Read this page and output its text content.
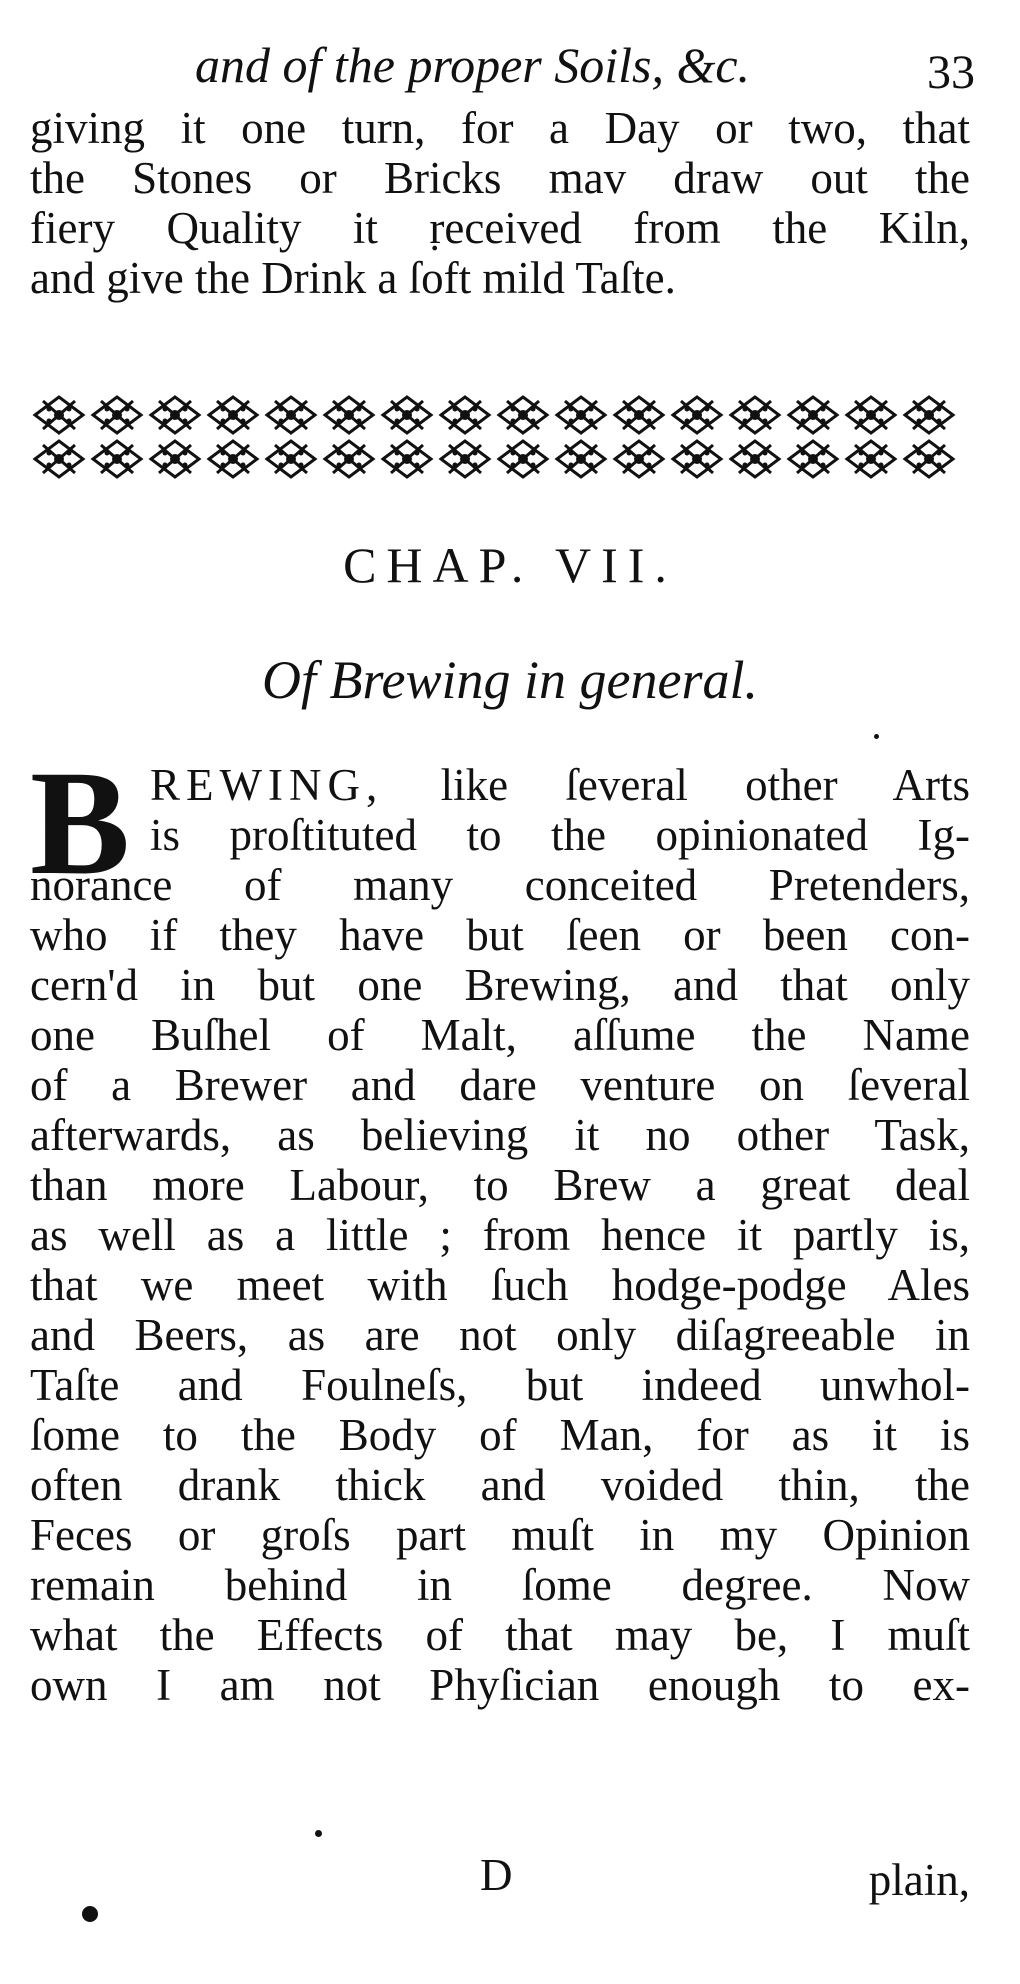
and of the proper Soils, &c.	33
giving it one turn, for a Day or two, that
the Stones or Bricks mav draw out the
fiery Quality it ṛeceived from the Kiln,
and give the Drink a ſoft mild Taſte.
CHAP. VII.
Of Brewing in general.
B REWING, like ſeveral other Arts
is proſtituted to the opinionated Ig-
norance of many conceited Pretenders,
who if they have but ſeen or been con-
cern'd in but one Brewing, and that only
one Buſhel of Malt, aſſume the Name
of a Brewer and dare venture on ſeveral
afterwards, as believing it no other Task,
than more Labour, to Brew a great deal
as well as a little ; from hence it partly is,
that we meet with ſuch hodge-podge Ales
and Beers, as are not only diſagreeable in
Taſte and Foulneſs, but indeed unwhol-
ſome to the Body of Man, for as it is
often drank thick and voided thin, the
Feces or groſs part muſt in my Opinion
remain behind in ſome degree. Now
what the Effects of that may be, I muſt
own I am not Phyſician enough to ex-
D	plain,
